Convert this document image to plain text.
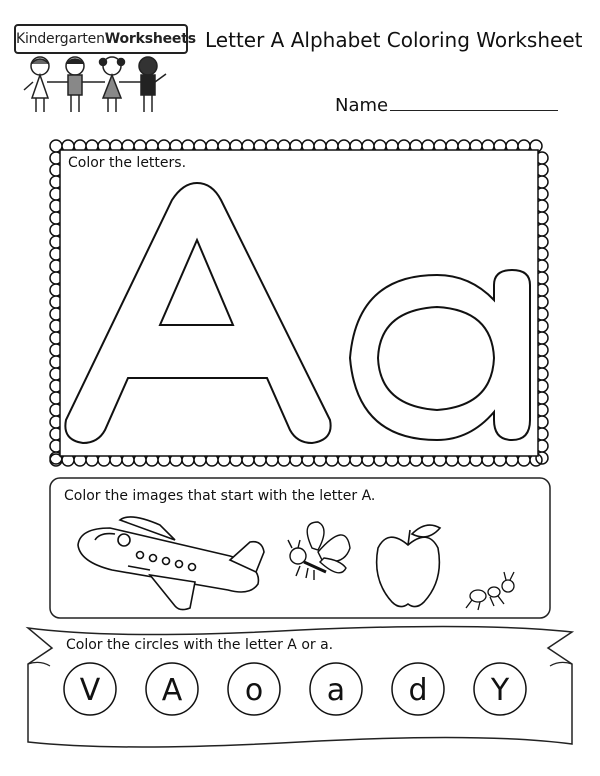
KindergartenWorksheets Letter A Alphabet Coloring Worksheet
Name
Color the letters.
Color the images that start with the letter A.
Color the circles with the letter A or a.
V A o a d Y
